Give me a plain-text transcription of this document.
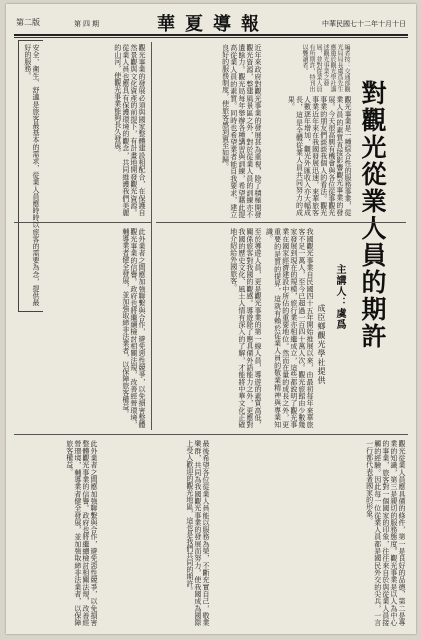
第二版	第四期	華夏導報	中華民國七十二年十月十日
對觀光從業人員的期許
主講人：虞爲
成臣鄉觀光學社提供
編者按：交通部觀光局局長虞爲先生應邀於觀光學社講述觀光事業之發展，並對從業人員有所期許，特刊出以饗讀者。
觀光事業是一種綜合性的服務事業，從業人員的素質直接影響觀光事業的發展。今天很高興有機會與各位從事觀光事業的朋友們談談我個人的看法。觀光事業近年來在我國發展迅速，來華旅客人數逐年增加，觀光外匯收入亦大幅成長，這是全體從業人員共同努力的成果。
我國觀光事業自民國四十五年開始推展以來，由最初每年來華旅客不足一萬人，至今已超過一百四十萬人次。觀光旅館由少數幾家發展到現在的規模，旅行業亦相繼成立，這些都說明了觀光事業在國家經濟建設中所佔的重要地位。然而在量的成長之外，更重要的是質的提昇，這就有賴於從業人員的敬業精神與專業知識。
觀光從業人員應具備的條件，第一是良好的品德，第二是專業的知識，第三是親切的服務態度。觀光事業是以人為中心的事業，旅客對一個國家的印象，往往來自於與從業人員接觸的經驗。因此每一位從業人員都是國民外交的尖兵，一言一行都代表著國家的形象。
近年來政府對觀光事業的發展甚為重視，除了積極開發觀光資源，整建風景區之外，對於從業人員的訓練亦不遺餘力。觀光局每年舉辦各種講習與訓練，希望藉此提高從業人員的素質。同時也希望業者能自我要求，建立良好的服務制度，使旅客感到賓至如歸。
至於導遊人員，更是觀光事業的第一線人員，導遊的素質高低，關係旅客對我國的觀感。導遊除了應具備外語能力之外，更應對我國的歷史文化、風土人情有深入的了解，才能將中華文化正確地介紹給外國旅客。
最後希望各位從業人員能以服務為榮，不斷充實自己，敬業樂群，共同為我國觀光事業的發展而努力，使我國成為國際上受人歡迎的觀光地區，這也是我們共同的期許。
觀光事業的發展必須與國家整體建設相配合，在保護自然景觀與文化資產的前提下，有計畫地開發觀光資源。從業人員也應具有保護環境的觀念，共同維護我們美麗的山河，使觀光事業能夠長久發展。
此外業者之間應加強聯繫與合作，避免惡性競爭，以免損害整體觀光事業的信譽。政府也將繼續檢討相關法規，改善經營環境，輔導業者健全發展，並加強取締非法業者，以保障旅客權益。
安全、衛生、舒適是旅客最基本的需求，從業人員應時時以旅客的需要為念，提供最好的服務。
此外業者之間應加強聯繫與合作，避免惡性競爭，以免損害整體觀光事業的信譽。政府也將繼續檢討相關法規，改善經營環境，輔導業者健全發展，並加強取締非法業者，以保障旅客權益。
